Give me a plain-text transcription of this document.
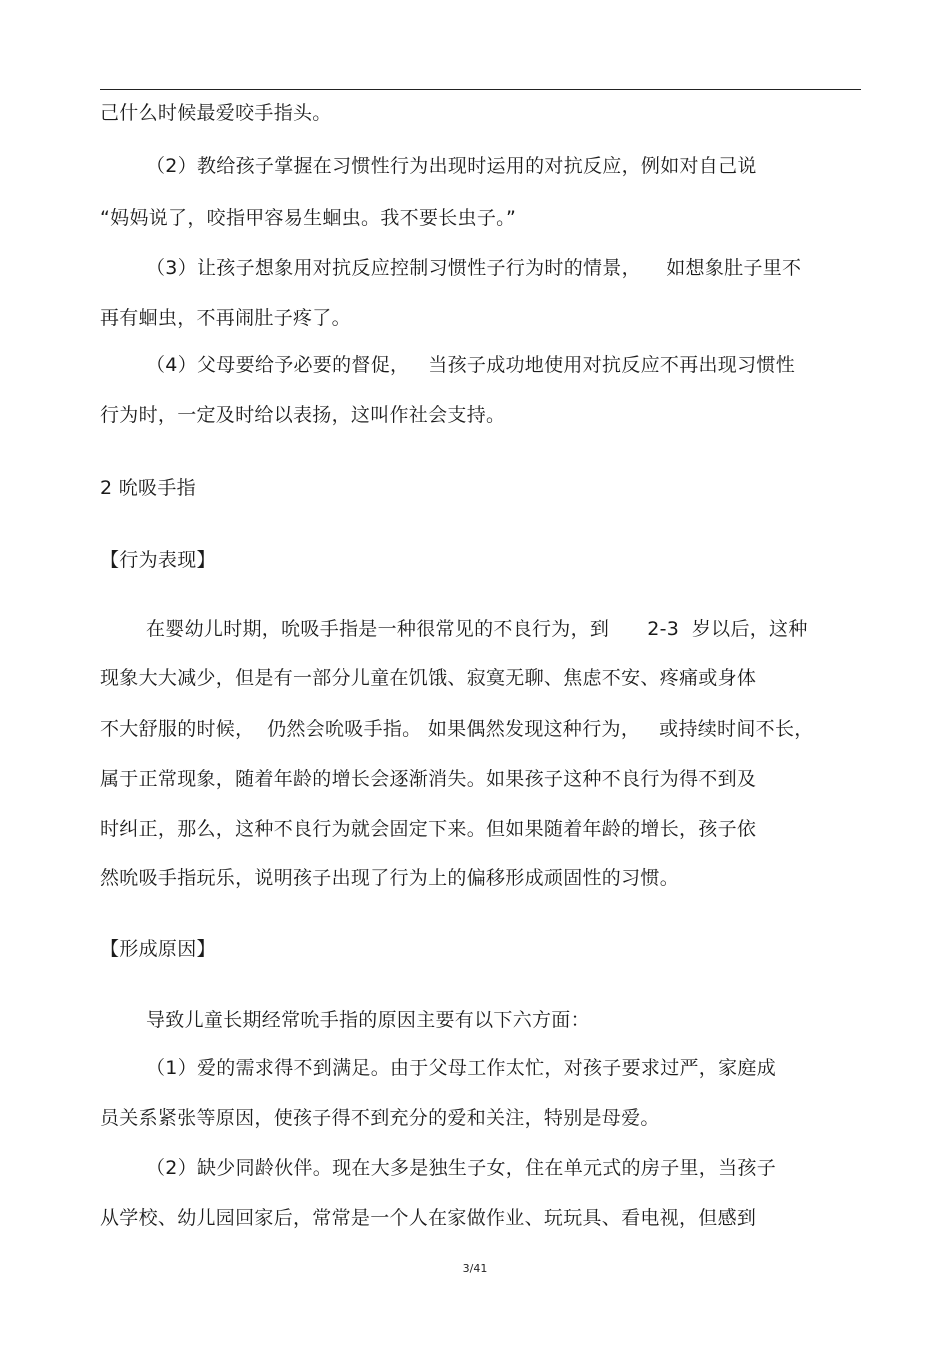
己什么时候最爱咬手指头。
（2）教给孩子掌握在习惯性行为出现时运用的对抗反应，例如对自己说
“妈妈说了，咬指甲容易生蛔虫。我不要长虫子。”
（3）让孩子想象用对抗反应控制习惯性子行为时的情景，    如想象肚子里不
再有蛔虫，不再闹肚子疼了。
（4）父母要给予必要的督促，   当孩子成功地使用对抗反应不再出现习惯性
行为时，一定及时给以表扬，这叫作社会支持。
2 吮吸手指
【行为表现】
在婴幼儿时期，吮吸手指是一种很常见的不良行为，到      2-3  岁以后，这种
现象大大减少，但是有一部分儿童在饥饿、寂寞无聊、焦虑不安、疼痛或身体
不大舒服的时候，  仍然会吮吸手指。 如果偶然发现这种行为，   或持续时间不长，
属于正常现象，随着年龄的增长会逐渐消失。如果孩子这种不良行为得不到及
时纠正，那么，这种不良行为就会固定下来。但如果随着年龄的增长，孩子依
然吮吸手指玩乐，说明孩子出现了行为上的偏移形成顽固性的习惯。
【形成原因】
导致儿童长期经常吮手指的原因主要有以下六方面：
（1）爱的需求得不到满足。由于父母工作太忙，对孩子要求过严，家庭成
员关系紧张等原因，使孩子得不到充分的爱和关注，特别是母爱。
（2）缺少同龄伙伴。现在大多是独生子女，住在单元式的房子里，当孩子
从学校、幼儿园回家后，常常是一个人在家做作业、玩玩具、看电视，但感到
3/41
